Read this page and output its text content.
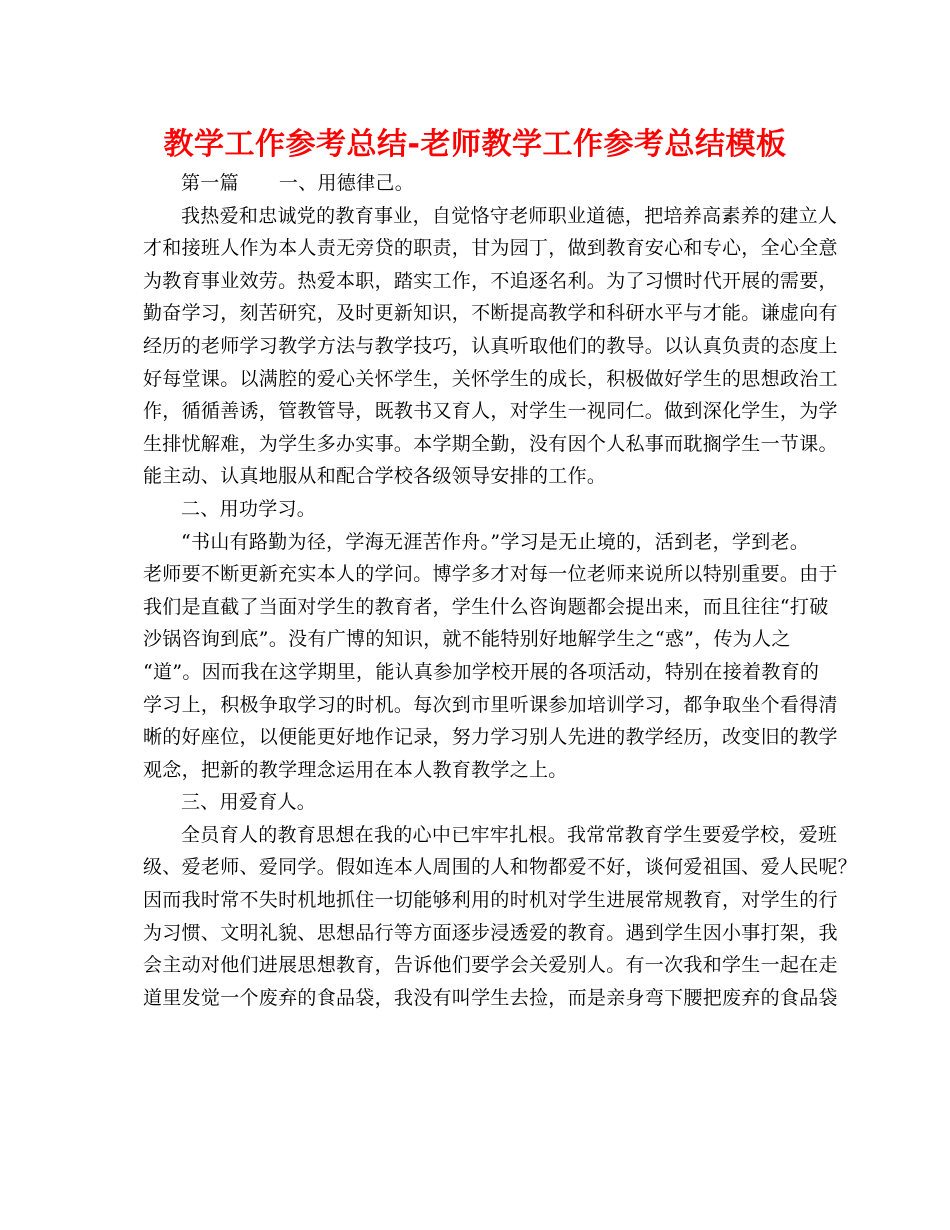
教学工作参考总结-老师教学工作参考总结模板
第一篇 一、用德律己。
我热爱和忠诚党的教育事业，自觉恪守老师职业道德，把培养高素养的建立人
才和接班人作为本人责无旁贷的职责，甘为园丁，做到教育安心和专心，全心全意
为教育事业效劳。热爱本职，踏实工作，不追逐名利。为了习惯时代开展的需要，
勤奋学习，刻苦研究，及时更新知识，不断提高教学和科研水平与才能。谦虚向有
经历的老师学习教学方法与教学技巧，认真听取他们的教导。以认真负责的态度上
好每堂课。以满腔的爱心关怀学生，关怀学生的成长，积极做好学生的思想政治工
作，循循善诱，管教管导，既教书又育人，对学生一视同仁。做到深化学生，为学
生排忧解难，为学生多办实事。本学期全勤，没有因个人私事而耽搁学生一节课。
能主动、认真地服从和配合学校各级领导安排的工作。
二、用功学习。
“书山有路勤为径，学海无涯苦作舟。”学习是无止境的，活到老，学到老。
老师要不断更新充实本人的学问。博学多才对每一位老师来说所以特别重要。由于
我们是直截了当面对学生的教育者，学生什么咨询题都会提出来，而且往往“打破
沙锅咨询到底”。没有广博的知识，就不能特别好地解学生之“惑”，传为人之
“道”。因而我在这学期里，能认真参加学校开展的各项活动，特别在接着教育的
学习上，积极争取学习的时机。每次到市里听课参加培训学习，都争取坐个看得清
晰的好座位，以便能更好地作记录，努力学习别人先进的教学经历，改变旧的教学
观念，把新的教学理念运用在本人教育教学之上。
三、用爱育人。
全员育人的教育思想在我的心中已牢牢扎根。我常常教育学生要爱学校，爱班
级、爱老师、爱同学。假如连本人周围的人和物都爱不好，谈何爱祖国、爱人民呢？
因而我时常不失时机地抓住一切能够利用的时机对学生进展常规教育，对学生的行
为习惯、文明礼貌、思想品行等方面逐步浸透爱的教育。遇到学生因小事打架，我
会主动对他们进展思想教育，告诉他们要学会关爱别人。有一次我和学生一起在走
道里发觉一个废弃的食品袋，我没有叫学生去捡，而是亲身弯下腰把废弃的食品袋
